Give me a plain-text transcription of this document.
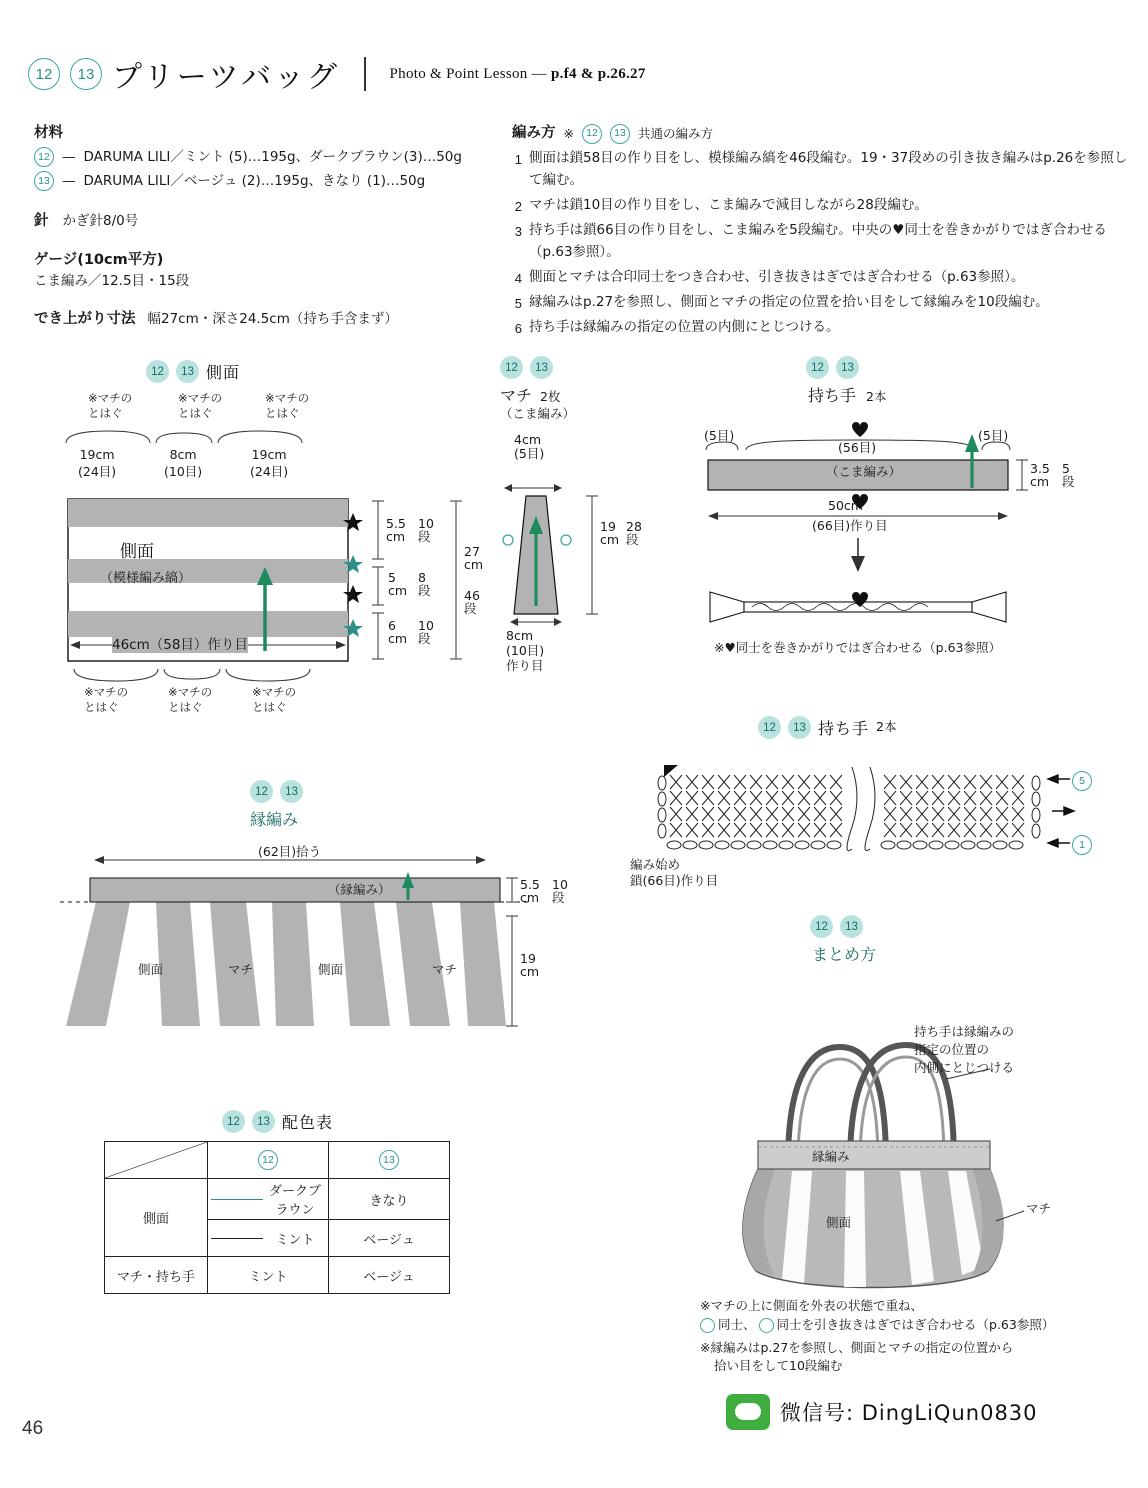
12	13 プリーツバッグ	Photo & Point Lesson — p.f4 & p.26.27
材料
12 — DARUMA LILI／ミント (5)…195g、ダークブラウン(3)…50g
13 — DARUMA LILI／ベージュ (2)…195g、きなり (1)…50g
針 かぎ針8/0号
ゲージ(10cm平方)
こま編み／12.5目・15段
でき上がり寸法 幅27cm・深さ24.5cm（持ち手含まず）
編み方 ※	12	13 共通の編み方
1 側面は鎖58目の作り目をし、模様編み縞を46段編む。19・37段めの引き抜き編みはp.26を参照して編む。
2 マチは鎖10目の作り目をし、こま編みで減目しながら28段編む。
3 持ち手は鎖66目の作り目をし、こま編みを5段編む。中央の♥同士を巻きかがりではぎ合わせる（p.63参照）。
4 側面とマチは合印同士をつき合わせ、引き抜きはぎではぎ合わせる（p.63参照）。
5 縁編みはp.27を参照し、側面とマチの指定の位置を拾い目をして縁編みを10段編む。
6 持ち手は縁編みの指定の位置の内側にとじつける。
12	13 側面
※マチの
とはぐ
※マチの
とはぐ
※マチの
とはぐ
19cm
(24目)
8cm
(10目)
19cm
(24目)
側面
（模様編み縞）
46cm（58目）作り目
5.5
cm
10
段
5
cm
8
段
6
cm
10
段
27
cm
46
段
※マチの
とはぐ
※マチの
とはぐ
※マチの
とはぐ
12	13
マチ 2枚
（こま編み）
4cm
(5目)
19
cm
28
段
8cm
(10目)
作り目
12	13
持ち手 2本
(5目)
(56目)
(5目)
（こま編み）	3.5
cm
5
段
50cm
(66目)作り目
※♥同士を巻きかがりではぎ合わせる（p.63参照）
12	13 持ち手 2本
5
1
編み始め
鎖(66目)作り目
12	13
縁編み
(62目)拾う
（縁編み）	5.5
cm
10
段
19
cm
側面	マチ	側面	マチ
12	13 配色表
	12	13
側面	ダークブラウン	きなり

	ミント	ベージュ
マチ・持ち手	ミント	ベージュ
12	13
まとめ方
持ち手は縁編みの
指定の位置の
内側にとじつける
縁編み
マチ
側面
※マチの上に側面を外表の状態で重ね、
同士、 同士を引き抜きはぎではぎ合わせる（p.63参照）
※縁編みはp.27を参照し、側面とマチの指定の位置から
拾い目をして10段編む
46
微信号: DingLiQun0830
